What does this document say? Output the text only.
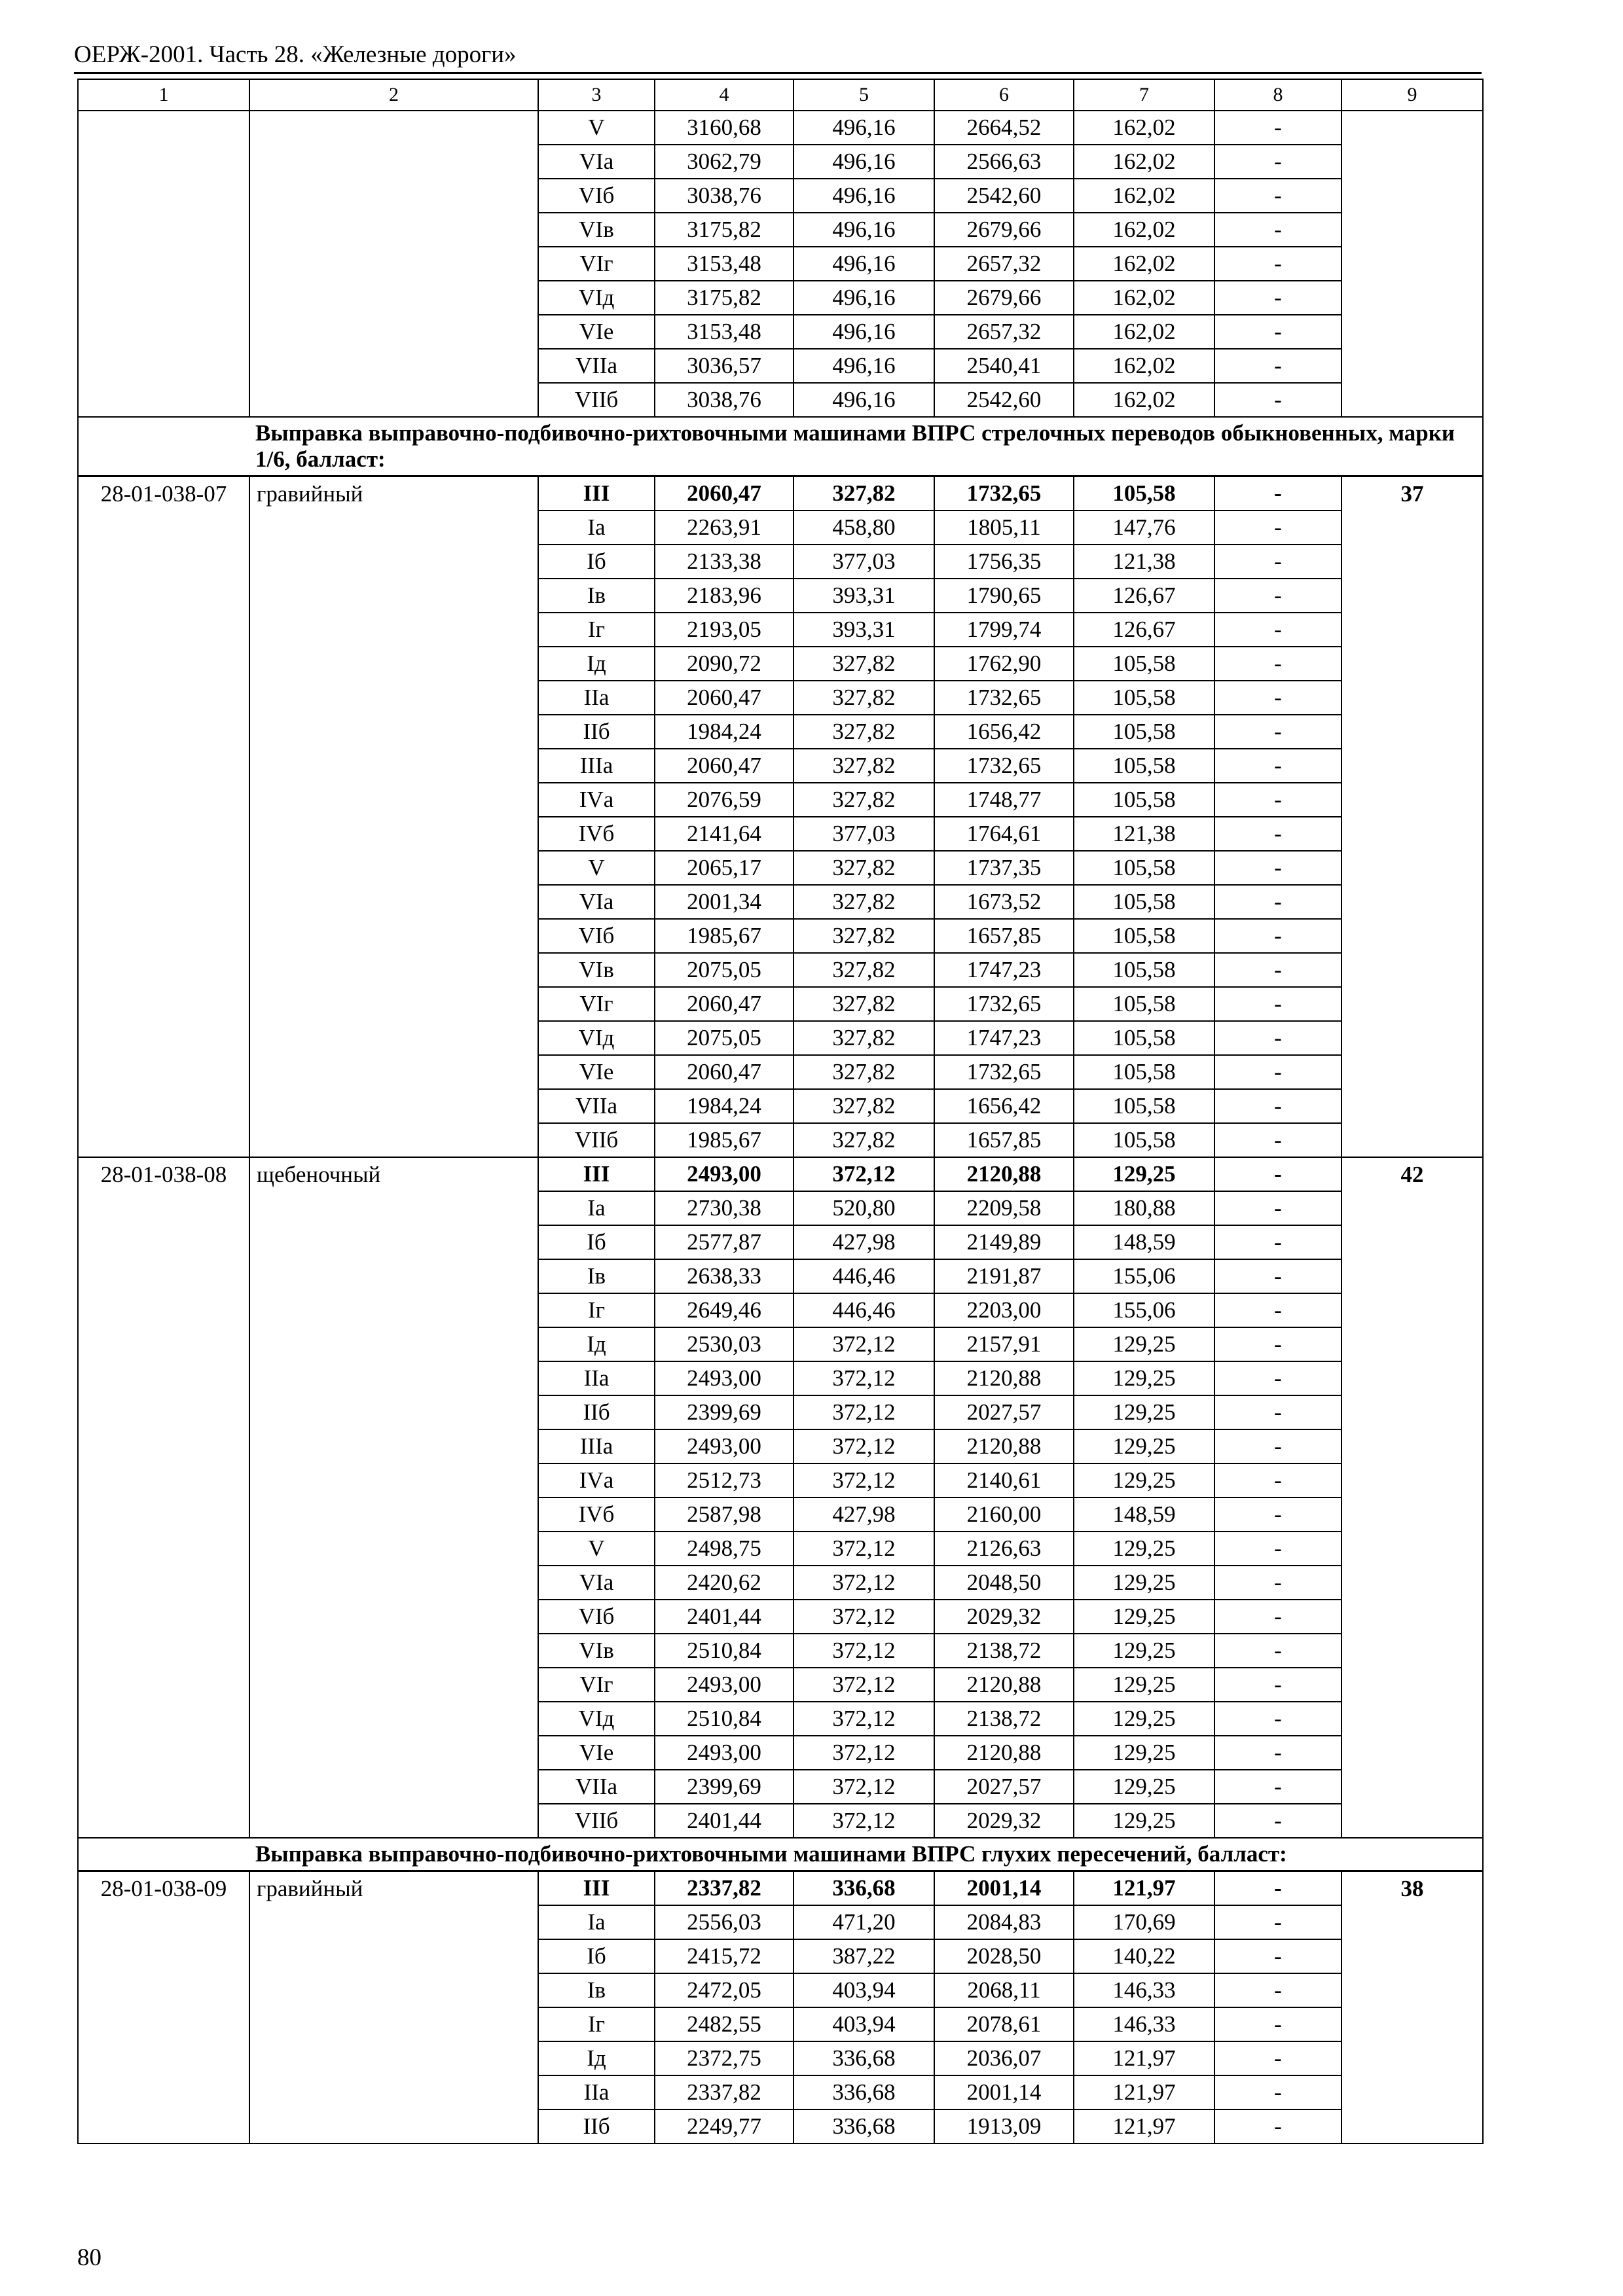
ОЕРЖ-2001. Часть 28. «Железные дороги»
1	2	3	4	5	6	7	8	9
		V	3160,68	496,16	2664,52	162,02	-	
		VIа	3062,79	496,16	2566,63	162,02	-	
		VIб	3038,76	496,16	2542,60	162,02	-	
		VIв	3175,82	496,16	2679,66	162,02	-	
		VIг	3153,48	496,16	2657,32	162,02	-	
		VIд	3175,82	496,16	2679,66	162,02	-	
		VIе	3153,48	496,16	2657,32	162,02	-	
		VIIа	3036,57	496,16	2540,41	162,02	-	
		VIIб	3038,76	496,16	2542,60	162,02	-	
Выправка выправочно-подбивочно-рихтовочными машинами ВПРС стрелочных переводов обыкновенных, марки 1/6, балласт:								
28-01-038-07	гравийный	III	2060,47	327,82	1732,65	105,58	-	37
		Iа	2263,91	458,80	1805,11	147,76	-	
		Iб	2133,38	377,03	1756,35	121,38	-	
		Iв	2183,96	393,31	1790,65	126,67	-	
		Iг	2193,05	393,31	1799,74	126,67	-	
		Iд	2090,72	327,82	1762,90	105,58	-	
		IIа	2060,47	327,82	1732,65	105,58	-	
		IIб	1984,24	327,82	1656,42	105,58	-	
		IIIа	2060,47	327,82	1732,65	105,58	-	
		IVа	2076,59	327,82	1748,77	105,58	-	
		IVб	2141,64	377,03	1764,61	121,38	-	
		V	2065,17	327,82	1737,35	105,58	-	
		VIа	2001,34	327,82	1673,52	105,58	-	
		VIб	1985,67	327,82	1657,85	105,58	-	
		VIв	2075,05	327,82	1747,23	105,58	-	
		VIг	2060,47	327,82	1732,65	105,58	-	
		VIд	2075,05	327,82	1747,23	105,58	-	
		VIе	2060,47	327,82	1732,65	105,58	-	
		VIIа	1984,24	327,82	1656,42	105,58	-	
		VIIб	1985,67	327,82	1657,85	105,58	-	
28-01-038-08	щебеночный	III	2493,00	372,12	2120,88	129,25	-	42
		Iа	2730,38	520,80	2209,58	180,88	-	
		Iб	2577,87	427,98	2149,89	148,59	-	
		Iв	2638,33	446,46	2191,87	155,06	-	
		Iг	2649,46	446,46	2203,00	155,06	-	
		Iд	2530,03	372,12	2157,91	129,25	-	
		IIа	2493,00	372,12	2120,88	129,25	-	
		IIб	2399,69	372,12	2027,57	129,25	-	
		IIIа	2493,00	372,12	2120,88	129,25	-	
		IVа	2512,73	372,12	2140,61	129,25	-	
		IVб	2587,98	427,98	2160,00	148,59	-	
		V	2498,75	372,12	2126,63	129,25	-	
		VIа	2420,62	372,12	2048,50	129,25	-	
		VIб	2401,44	372,12	2029,32	129,25	-	
		VIв	2510,84	372,12	2138,72	129,25	-	
		VIг	2493,00	372,12	2120,88	129,25	-	
		VIд	2510,84	372,12	2138,72	129,25	-	
		VIе	2493,00	372,12	2120,88	129,25	-	
		VIIа	2399,69	372,12	2027,57	129,25	-	
		VIIб	2401,44	372,12	2029,32	129,25	-	
Выправка выправочно-подбивочно-рихтовочными машинами ВПРС глухих пересечений, балласт:								
28-01-038-09	гравийный	III	2337,82	336,68	2001,14	121,97	-	38
		Iа	2556,03	471,20	2084,83	170,69	-	
		Iб	2415,72	387,22	2028,50	140,22	-	
		Iв	2472,05	403,94	2068,11	146,33	-	
		Iг	2482,55	403,94	2078,61	146,33	-	
		Iд	2372,75	336,68	2036,07	121,97	-	
		IIа	2337,82	336,68	2001,14	121,97	-	
		IIб	2249,77	336,68	1913,09	121,97	-	
80
